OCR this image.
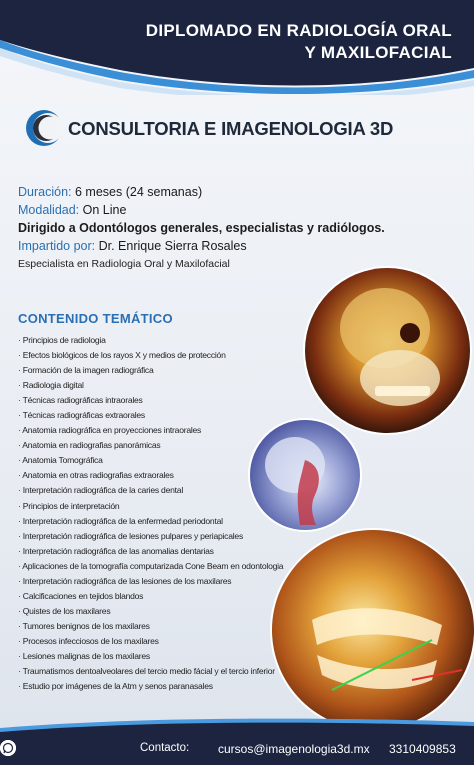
DIPLOMADO EN RADIOLOGÍA ORAL
Y MAXILOFACIAL
CONSULTORIA E IMAGENOLOGIA 3D
Duración: 6 meses (24 semanas)
Modalidad: On Line
Dirigido a Odontólogos generales, especialistas y radiólogos.
Impartido por: Dr. Enrique Sierra Rosales
Especialista en Radiologia Oral y Maxilofacial
CONTENIDO TEMÁTICO
· Principios de radiologia
· Efectos biológicos de los rayos X y medios de protección
· Formación de la imagen radiográfica
· Radiologia digital
· Técnicas radiográficas intraorales
· Técnicas radiográficas extraorales
· Anatomia radiográfica en proyecciones intraorales
· Anatomia en radiografias panorámicas
· Anatomia Tomográfica
· Anatomia en otras radiografias extraorales
· Interpretación radiográfica de la caries dental
· Principios de interpretación
· Interpretación radiográfica de la enfermedad periodontal
· Interpretación radiográfica de lesiones pulpares y periapicales
· Interpretación radiográfica de las anomalias dentarias
· Aplicaciones de la tomografía computarizada Cone Beam en odontologia
· Interpretación radiográfica de las lesiones de los maxilares
· Calcificaciones en tejidos blandos
· Quistes de los maxilares
· Tumores benignos de los maxilares
· Procesos infecciosos de los maxilares
· Lesiones malignas de los maxilares
· Traumatismos dentoalveolares del tercio medio fácial y el tercio inferior
· Estudio por imágenes de la Atm y senos paranasales
Contacto: cursos@imagenologia3d.mx 3310409853
